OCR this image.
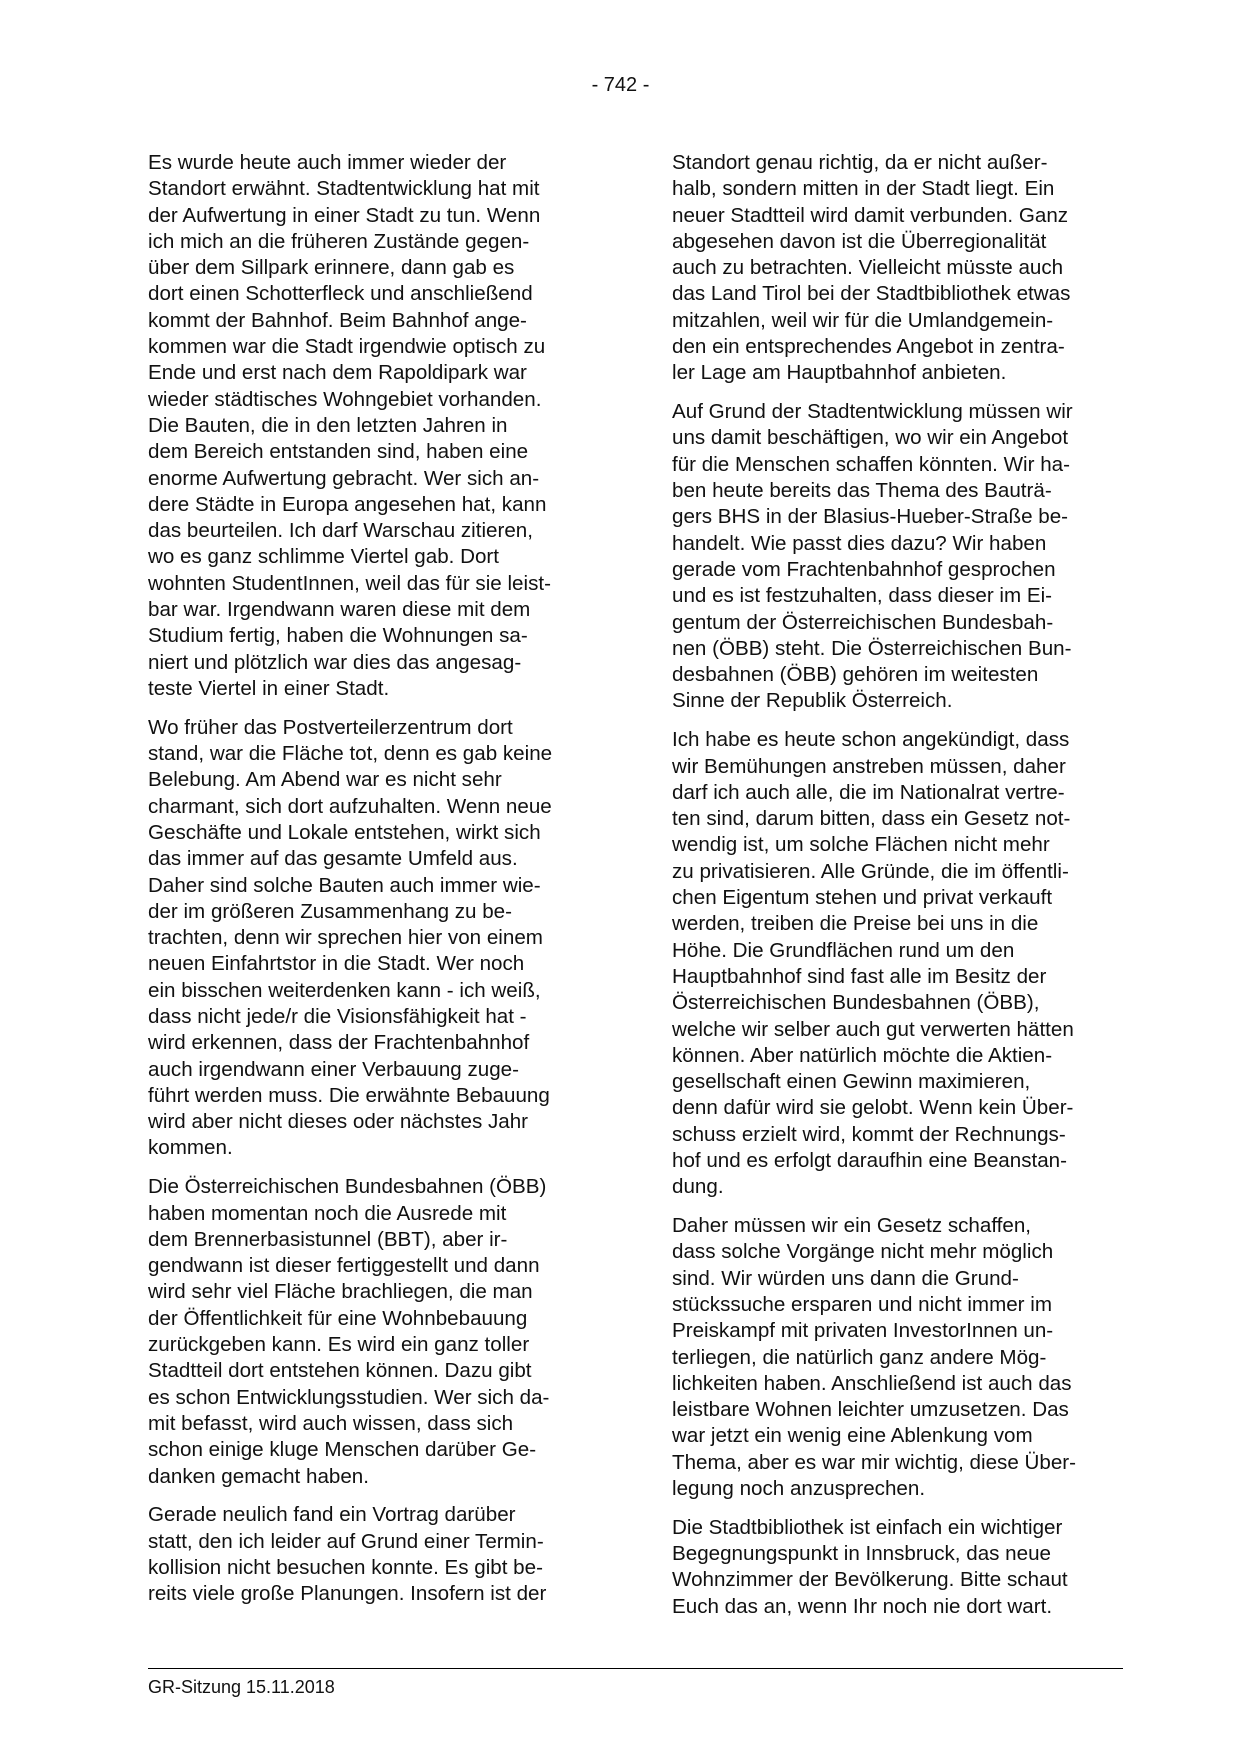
- 742 -

Es wurde heute auch immer wieder der
Standort erwähnt. Stadtentwicklung hat mit
der Aufwertung in einer Stadt zu tun. Wenn
ich mich an die früheren Zustände gegen-
über dem Sillpark erinnere, dann gab es
dort einen Schotterfleck und anschließend
kommt der Bahnhof. Beim Bahnhof ange-
kommen war die Stadt irgendwie optisch zu
Ende und erst nach dem Rapoldipark war
wieder städtisches Wohngebiet vorhanden.
Die Bauten, die in den letzten Jahren in
dem Bereich entstanden sind, haben eine
enorme Aufwertung gebracht. Wer sich an-
dere Städte in Europa angesehen hat, kann
das beurteilen. Ich darf Warschau zitieren,
wo es ganz schlimme Viertel gab. Dort
wohnten StudentInnen, weil das für sie leist-
bar war. Irgendwann waren diese mit dem
Studium fertig, haben die Wohnungen sa-
niert und plötzlich war dies das angesag-
teste Viertel in einer Stadt.

Wo früher das Postverteilerzentrum dort
stand, war die Fläche tot, denn es gab keine
Belebung. Am Abend war es nicht sehr
charmant, sich dort aufzuhalten. Wenn neue
Geschäfte und Lokale entstehen, wirkt sich
das immer auf das gesamte Umfeld aus.
Daher sind solche Bauten auch immer wie-
der im größeren Zusammenhang zu be-
trachten, denn wir sprechen hier von einem
neuen Einfahrtstor in die Stadt. Wer noch
ein bisschen weiterdenken kann - ich weiß,
dass nicht jede/r die Visionsfähigkeit hat -
wird erkennen, dass der Frachtenbahnhof
auch irgendwann einer Verbauung zuge-
führt werden muss. Die erwähnte Bebauung
wird aber nicht dieses oder nächstes Jahr
kommen.

Die Österreichischen Bundesbahnen (ÖBB)
haben momentan noch die Ausrede mit
dem Brennerbasistunnel (BBT), aber ir-
gendwann ist dieser fertiggestellt und dann
wird sehr viel Fläche brachliegen, die man
der Öffentlichkeit für eine Wohnbebauung
zurückgeben kann. Es wird ein ganz toller
Stadtteil dort entstehen können. Dazu gibt
es schon Entwicklungsstudien. Wer sich da-
mit befasst, wird auch wissen, dass sich
schon einige kluge Menschen darüber Ge-
danken gemacht haben.

Gerade neulich fand ein Vortrag darüber
statt, den ich leider auf Grund einer Termin-
kollision nicht besuchen konnte. Es gibt be-
reits viele große Planungen. Insofern ist der

Standort genau richtig, da er nicht außer-
halb, sondern mitten in der Stadt liegt. Ein
neuer Stadtteil wird damit verbunden. Ganz
abgesehen davon ist die Überregionalität
auch zu betrachten. Vielleicht müsste auch
das Land Tirol bei der Stadtbibliothek etwas
mitzahlen, weil wir für die Umlandgemein-
den ein entsprechendes Angebot in zentra-
ler Lage am Hauptbahnhof anbieten.

Auf Grund der Stadtentwicklung müssen wir
uns damit beschäftigen, wo wir ein Angebot
für die Menschen schaffen könnten. Wir ha-
ben heute bereits das Thema des Bauträ-
gers BHS in der Blasius-Hueber-Straße be-
handelt. Wie passt dies dazu? Wir haben
gerade vom Frachtenbahnhof gesprochen
und es ist festzuhalten, dass dieser im Ei-
gentum der Österreichischen Bundesbah-
nen (ÖBB) steht. Die Österreichischen Bun-
desbahnen (ÖBB) gehören im weitesten
Sinne der Republik Österreich.

Ich habe es heute schon angekündigt, dass
wir Bemühungen anstreben müssen, daher
darf ich auch alle, die im Nationalrat vertre-
ten sind, darum bitten, dass ein Gesetz not-
wendig ist, um solche Flächen nicht mehr
zu privatisieren. Alle Gründe, die im öffentli-
chen Eigentum stehen und privat verkauft
werden, treiben die Preise bei uns in die
Höhe. Die Grundflächen rund um den
Hauptbahnhof sind fast alle im Besitz der
Österreichischen Bundesbahnen (ÖBB),
welche wir selber auch gut verwerten hätten
können. Aber natürlich möchte die Aktien-
gesellschaft einen Gewinn maximieren,
denn dafür wird sie gelobt. Wenn kein Über-
schuss erzielt wird, kommt der Rechnungs-
hof und es erfolgt daraufhin eine Beanstan-
dung.

Daher müssen wir ein Gesetz schaffen,
dass solche Vorgänge nicht mehr möglich
sind. Wir würden uns dann die Grund-
stückssuche ersparen und nicht immer im
Preiskampf mit privaten InvestorInnen un-
terliegen, die natürlich ganz andere Mög-
lichkeiten haben. Anschließend ist auch das
leistbare Wohnen leichter umzusetzen. Das
war jetzt ein wenig eine Ablenkung vom
Thema, aber es war mir wichtig, diese Über-
legung noch anzusprechen.

Die Stadtbibliothek ist einfach ein wichtiger
Begegnungspunkt in Innsbruck, das neue
Wohnzimmer der Bevölkerung. Bitte schaut
Euch das an, wenn Ihr noch nie dort wart.

GR-Sitzung 15.11.2018
